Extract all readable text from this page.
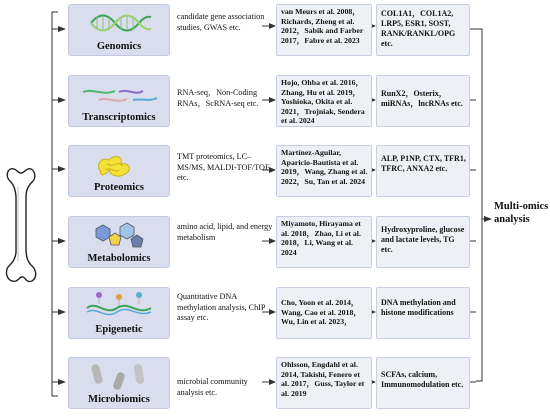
Genomics
candidate gene association studies, GWAS etc.
van Meurs et al. 2008，Richards, Zheng et al. 2012，Sabik and Farber 2017，Fabre et al. 2023
COL1A1，COL1A2, LRP5, ESR1, SOST, RANK/RANKL/OPG etc.
Transcriptomics
RNA-seq，Non-Coding RNAs，ScRNA-seq etc.
Hojo, Ohba et al. 2016，Zhang, Hu et al. 2019，Yoshioka, Okita et al. 2021，Trojniak, Sendera et al. 2024
RunX2，Osterix，miRNAs，lncRNAs etc.
Proteomics
TMT proteomics, LC–MS/MS, MALDI-TOF/TOF etc.
Martínez-Aguilar, Aparicio-Bautista et al. 2019，Wang, Zhang et al. 2022，Su, Tan et al. 2024
ALP, P1NP, CTX, TFR1, TFRC, ANXA2 etc.
Metabolomics
amino acid, lipid, and energy metabolism
Miyamoto, Hirayama et al. 2018，Zhao, Li et al. 2018，Li, Wang et al. 2024
Hydroxyproline, glucose and lactate levels, TG etc.
Epigenetic
Quantitative DNA methylation analysis, ChIP assay etc.
Cho, Yoon et al. 2014，Wang, Cao et al. 2018，Wu, Lin et al. 2023，
DNA methylation and histone modifications
Microbiomics
microbial community analysis etc.
Ohlsson, Engdahl et al. 2014, Takishi, Fenero et al. 2017，Guss, Taylor et al. 2019
SCFAs, calcium, Immunomodulation etc.
Multi-omics analysis
